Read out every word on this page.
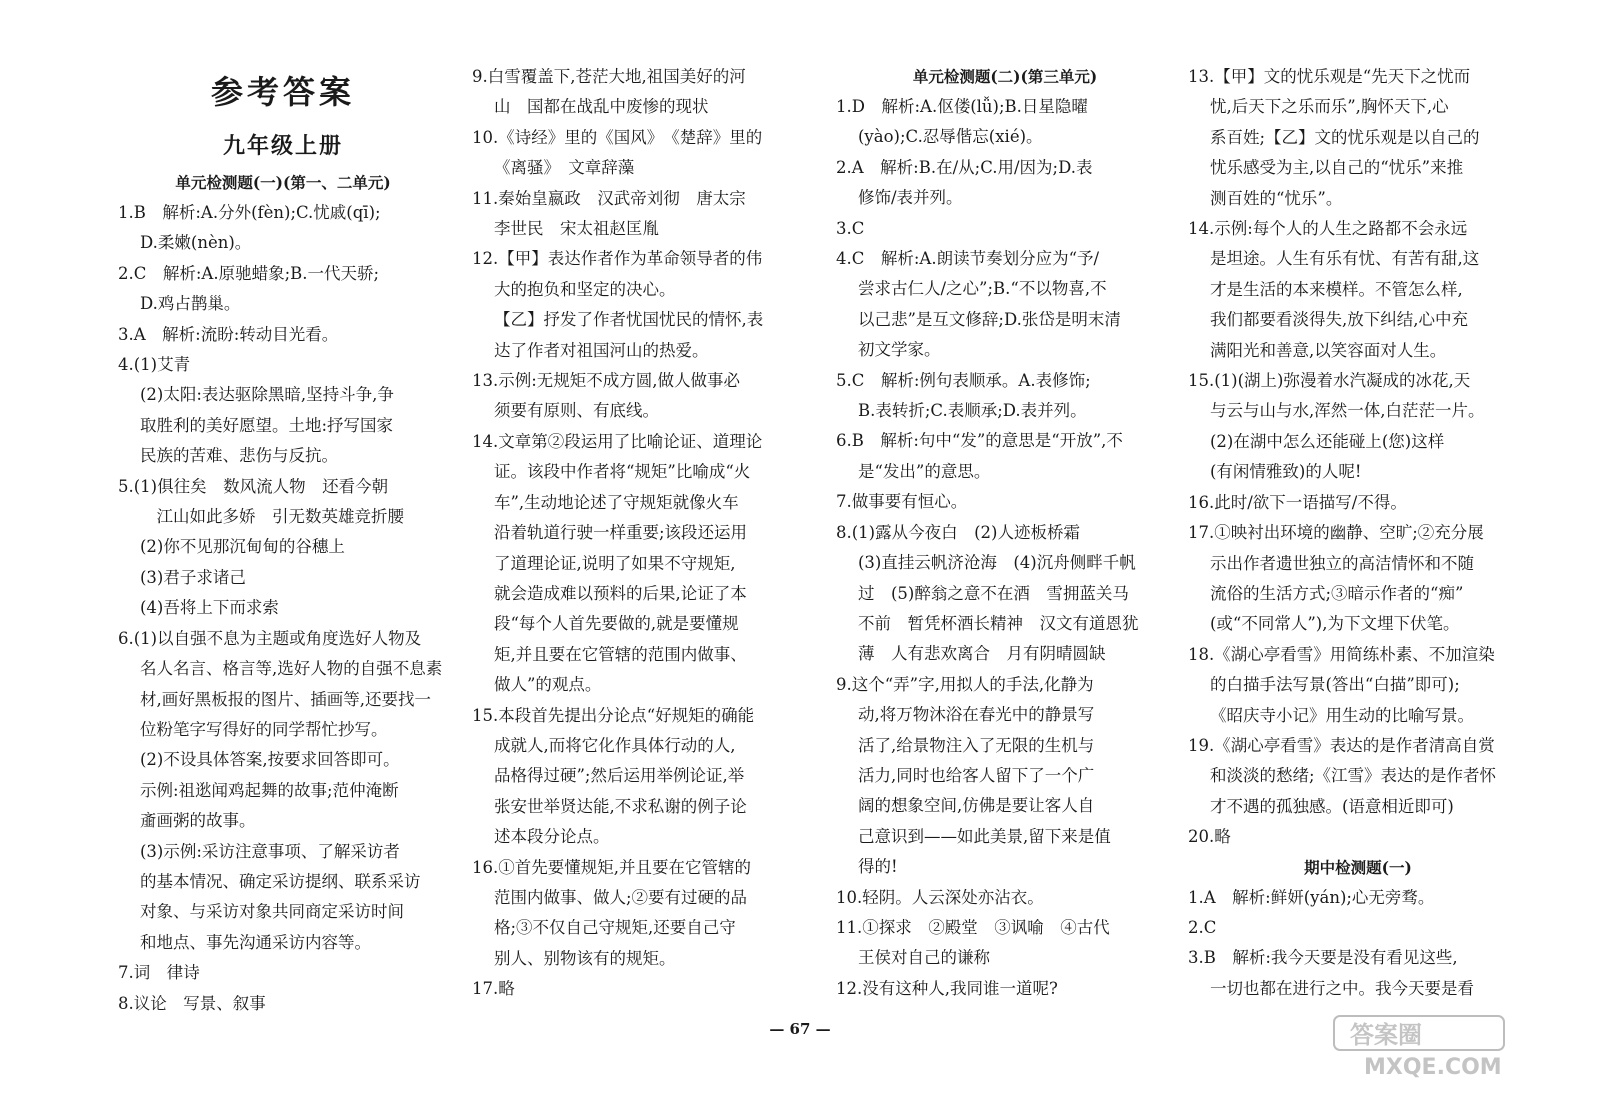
参考答案
九年级上册
单元检测题(一)(第一、二单元)
1.B　解析:A.分外(fèn);C.忧戚(qī);
D.柔嫩(nèn)。
2.C　解析:A.原驰蜡象;B.一代天骄;
D.鸡占鹊巢。
3.A　解析:流盼:转动目光看。
4.(1)艾青
(2)太阳:表达驱除黑暗,坚持斗争,争
取胜利的美好愿望。土地:抒写国家
民族的苦难、悲伤与反抗。
5.(1)俱往矣　数风流人物　还看今朝
　江山如此多娇　引无数英雄竞折腰
(2)你不见那沉甸甸的谷穗上
(3)君子求诸己
(4)吾将上下而求索
6.(1)以自强不息为主题或角度选好人物及
名人名言、格言等,选好人物的自强不息素
材,画好黑板报的图片、插画等,还要找一
位粉笔字写得好的同学帮忙抄写。
(2)不设具体答案,按要求回答即可。
示例:祖逖闻鸡起舞的故事;范仲淹断
齑画粥的故事。
(3)示例:采访注意事项、了解采访者
的基本情况、确定采访提纲、联系采访
对象、与采访对象共同商定采访时间
和地点、事先沟通采访内容等。
7.词　律诗
8.议论　写景、叙事
9.白雪覆盖下,苍茫大地,祖国美好的河
山　国都在战乱中废惨的现状
10.《诗经》里的《国风》　《楚辞》里的
《离骚》　文章辞藻
11.秦始皇嬴政　汉武帝刘彻　唐太宗
李世民　宋太祖赵匡胤
12.【甲】表达作者作为革命领导者的伟
大的抱负和坚定的决心。
【乙】抒发了作者忧国忧民的情怀,表
达了作者对祖国河山的热爱。
13.示例:无规矩不成方圆,做人做事必
须要有原则、有底线。
14.文章第②段运用了比喻论证、道理论
证。该段中作者将“规矩”比喻成“火
车”,生动地论述了守规矩就像火车
沿着轨道行驶一样重要;该段还运用
了道理论证,说明了如果不守规矩,
就会造成难以预料的后果,论证了本
段“每个人首先要做的,就是要懂规
矩,并且要在它管辖的范围内做事、
做人”的观点。
15.本段首先提出分论点“好规矩的确能
成就人,而将它化作具体行动的人,
品格得过硬”;然后运用举例论证,举
张安世举贤达能,不求私谢的例子论
述本段分论点。
16.①首先要懂规矩,并且要在它管辖的
范围内做事、做人;②要有过硬的品
格;③不仅自己守规矩,还要自己守
别人、别物该有的规矩。
17.略
单元检测题(二)(第三单元)
1.D　解析:A.伛偻(lǚ);B.日星隐曜
(yào);C.忍辱偕忘(xié)。
2.A　解析:B.在/从;C.用/因为;D.表
修饰/表并列。
3.C
4.C　解析:A.朗读节奏划分应为“予/
尝求古仁人/之心”;B.“不以物喜,不
以己悲”是互文修辞;D.张岱是明末清
初文学家。
5.C　解析:例句表顺承。A.表修饰;
B.表转折;C.表顺承;D.表并列。
6.B　解析:句中“发”的意思是“开放”,不
是“发出”的意思。
7.做事要有恒心。
8.(1)露从今夜白　(2)人迹板桥霜
(3)直挂云帆济沧海　(4)沉舟侧畔千帆
过　(5)醉翁之意不在酒　雪拥蓝关马
不前　暂凭杯酒长精神　汉文有道恩犹
薄　人有悲欢离合　月有阴晴圆缺
9.这个“弄”字,用拟人的手法,化静为
动,将万物沐浴在春光中的静景写
活了,给景物注入了无限的生机与
活力,同时也给客人留下了一个广
阔的想象空间,仿佛是要让客人自
己意识到——如此美景,留下来是值
得的!
10.轻阴。人云深处亦沾衣。
11.①探求　②殿堂　③讽喻　④古代
王侯对自己的谦称
12.没有这种人,我同谁一道呢?
13.【甲】文的忧乐观是“先天下之忧而
忧,后天下之乐而乐”,胸怀天下,心
系百姓;【乙】文的忧乐观是以自己的
忧乐感受为主,以自己的“忧乐”来推
测百姓的“忧乐”。
14.示例:每个人的人生之路都不会永远
是坦途。人生有乐有忧、有苦有甜,这
才是生活的本来模样。不管怎么样,
我们都要看淡得失,放下纠结,心中充
满阳光和善意,以笑容面对人生。
15.(1)(湖上)弥漫着水汽凝成的冰花,天
与云与山与水,浑然一体,白茫茫一片。
(2)在湖中怎么还能碰上(您)这样
(有闲情雅致)的人呢!
16.此时/欲下一语描写/不得。
17.①映衬出环境的幽静、空旷;②充分展
示出作者遗世独立的高洁情怀和不随
流俗的生活方式;③暗示作者的“痴”
(或“不同常人”),为下文埋下伏笔。
18.《湖心亭看雪》用简练朴素、不加渲染
的白描手法写景(答出“白描”即可);
《昭庆寺小记》用生动的比喻写景。
19.《湖心亭看雪》表达的是作者清高自赏
和淡淡的愁绪;《江雪》表达的是作者怀
才不遇的孤独感。(语意相近即可)
20.略
期中检测题(一)
1.A　解析:鲜妍(yán);心无旁骛。
2.C
3.B　解析:我今天要是没有看见这些,
一切也都在进行之中。我今天要是看
— 67 —	答案圈
MXQE.COM
